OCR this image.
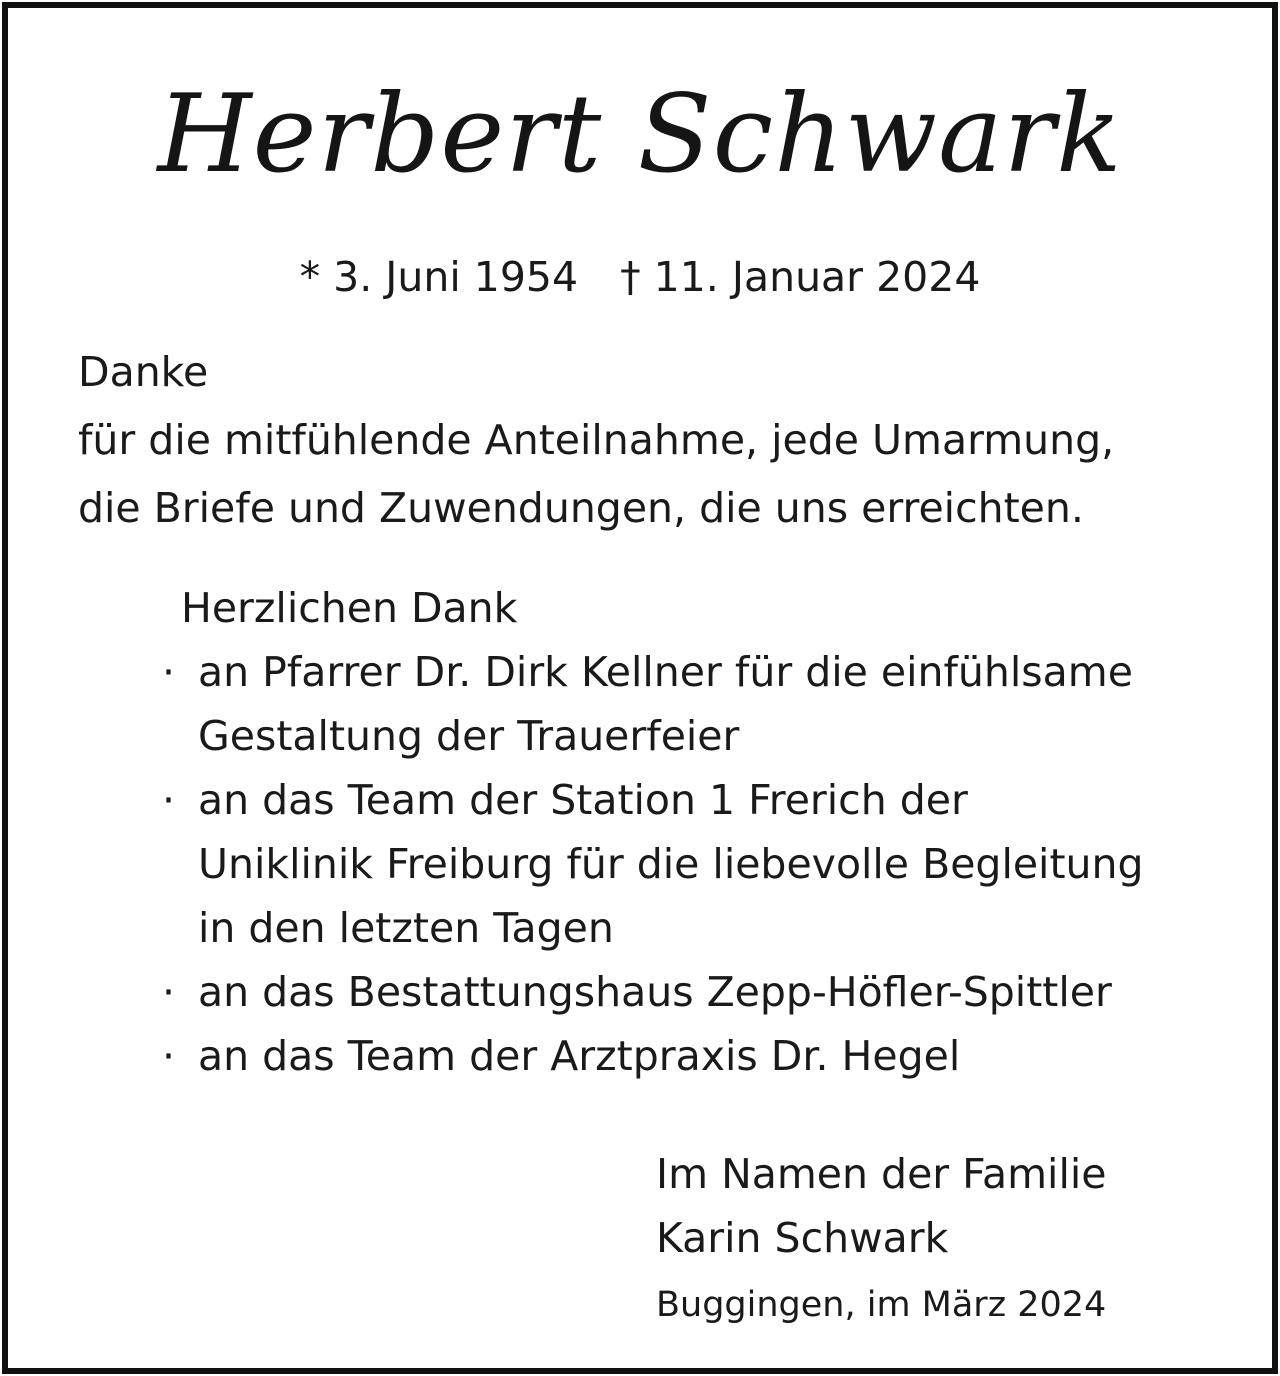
Herbert Schwark
* 3. Juni 1954 † 11. Januar 2024
Danke
für die mitfühlende Anteilnahme, jede Umarmung,
die Briefe und Zuwendungen, die uns erreichten.
Herzlichen Dank
· an Pfarrer Dr. Dirk Kellner für die einfühlsame
Gestaltung der Trauerfeier
· an das Team der Station 1 Frerich der
Uniklinik Freiburg für die liebevolle Begleitung
in den letzten Tagen
· an das Bestattungshaus Zepp-Höfler-Spittler
· an das Team der Arztpraxis Dr. Hegel
Im Namen der Familie
Karin Schwark
Buggingen, im März 2024
